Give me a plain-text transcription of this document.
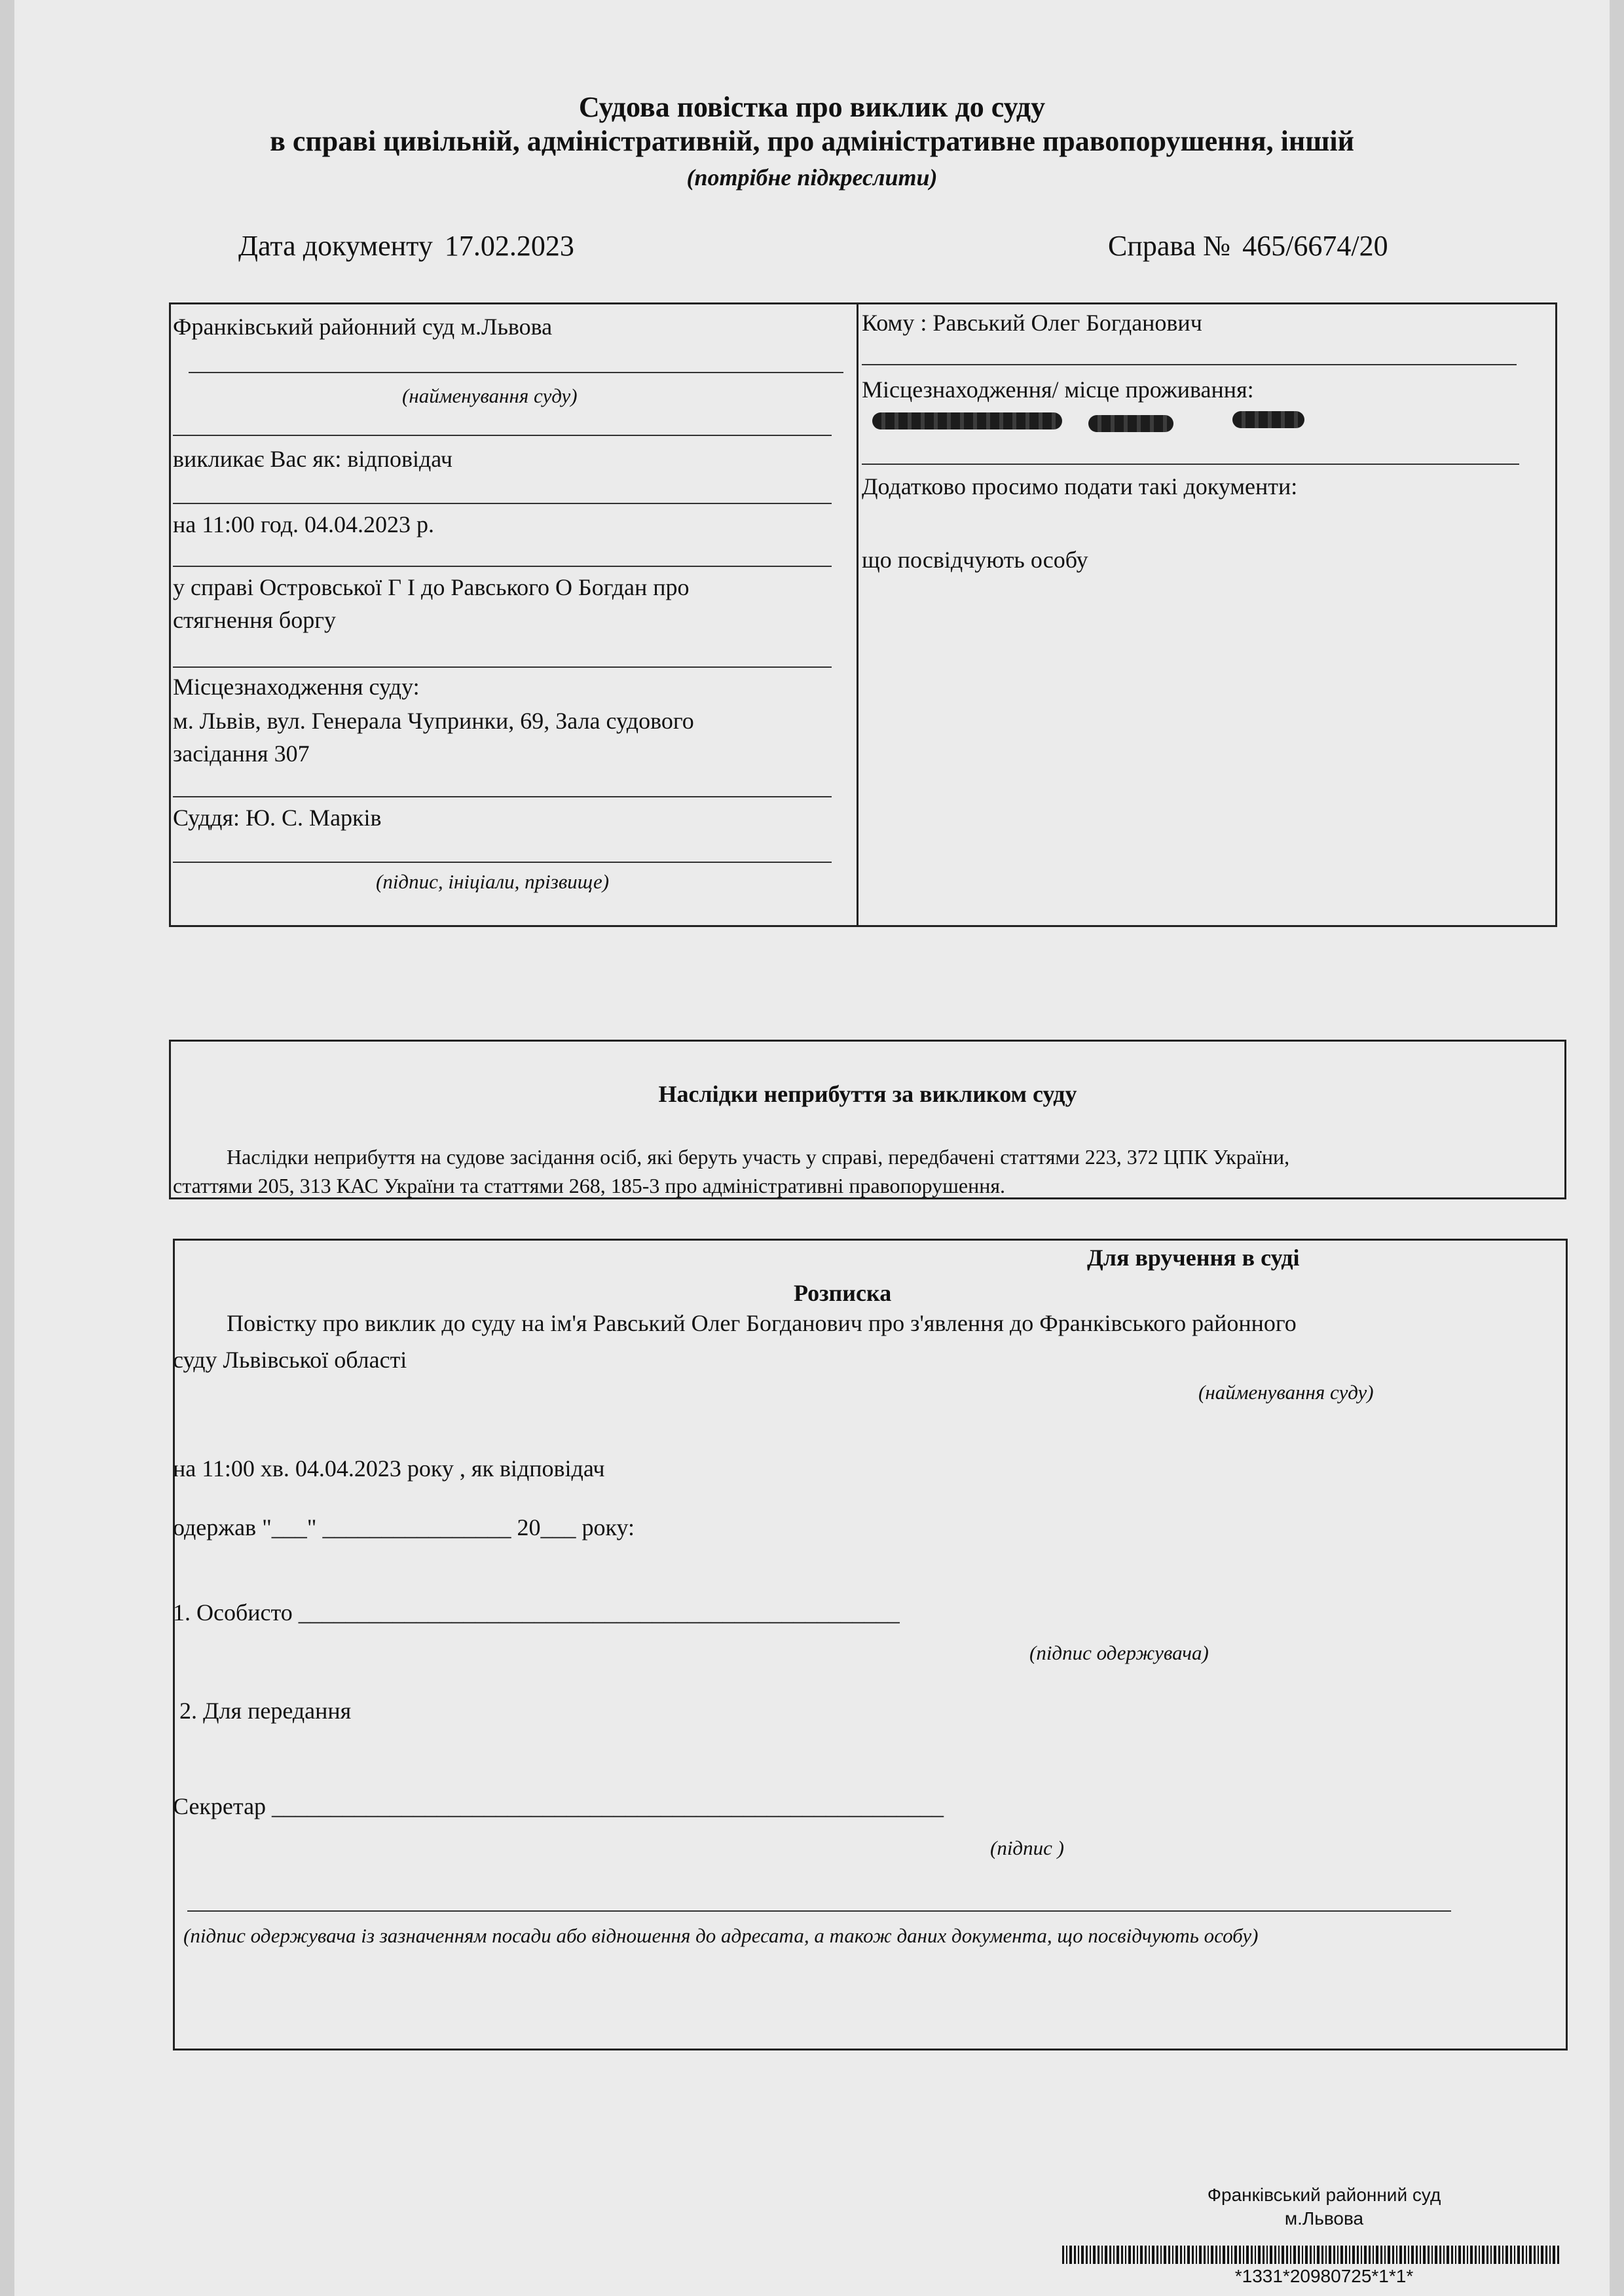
Судова повістка про виклик до суду
в справі цивільній, адміністративній, про адміністративне правопорушення, іншій
(потрібне підкреслити)
Дата документу 17.02.2023	Справа № 465/6674/20
Франківський районний суд м.Львова
(найменування суду)
викликає Вас як: відповідач
на 11:00 год. 04.04.2023 р.
у справі Островської Г І до Равського О Богдан про
стягнення боргу
Місцезнаходження суду:
м. Львів, вул. Генерала Чупринки, 69, Зала судового
засідання 307
Суддя: Ю. С. Марків
(підпис, ініціали, прізвище)
Кому : Равський Олег Богданович
Місцезнаходження/ місце проживання:
Додатково просимо подати такі документи:
що посвідчують особу
Наслідки неприбуття за викликом суду
Наслідки неприбуття на судове засідання осіб, які беруть участь у справі, передбачені статтями 223, 372 ЦПК України,
статтями 205, 313 КАС України та статтями 268, 185-3 про адміністративні правопорушення.
Для вручення в суді
Розписка
Повістку про виклик до суду на ім'я Равський Олег Богданович про з'явлення до Франківського районного
суду Львівської області
(найменування суду)
на 11:00 хв. 04.04.2023 року , як відповідач
одержав "___" ________________ 20___ року:
1. Особисто ___________________________________________________
(підпис одержувача)
2. Для передання
Секретар _________________________________________________________
(підпис )
(підпис одержувача із зазначенням посади або відношення до адресата, а також даних документа, що посвідчують особу)
Франківський районний суд
м.Львова
*1331*20980725*1*1*
